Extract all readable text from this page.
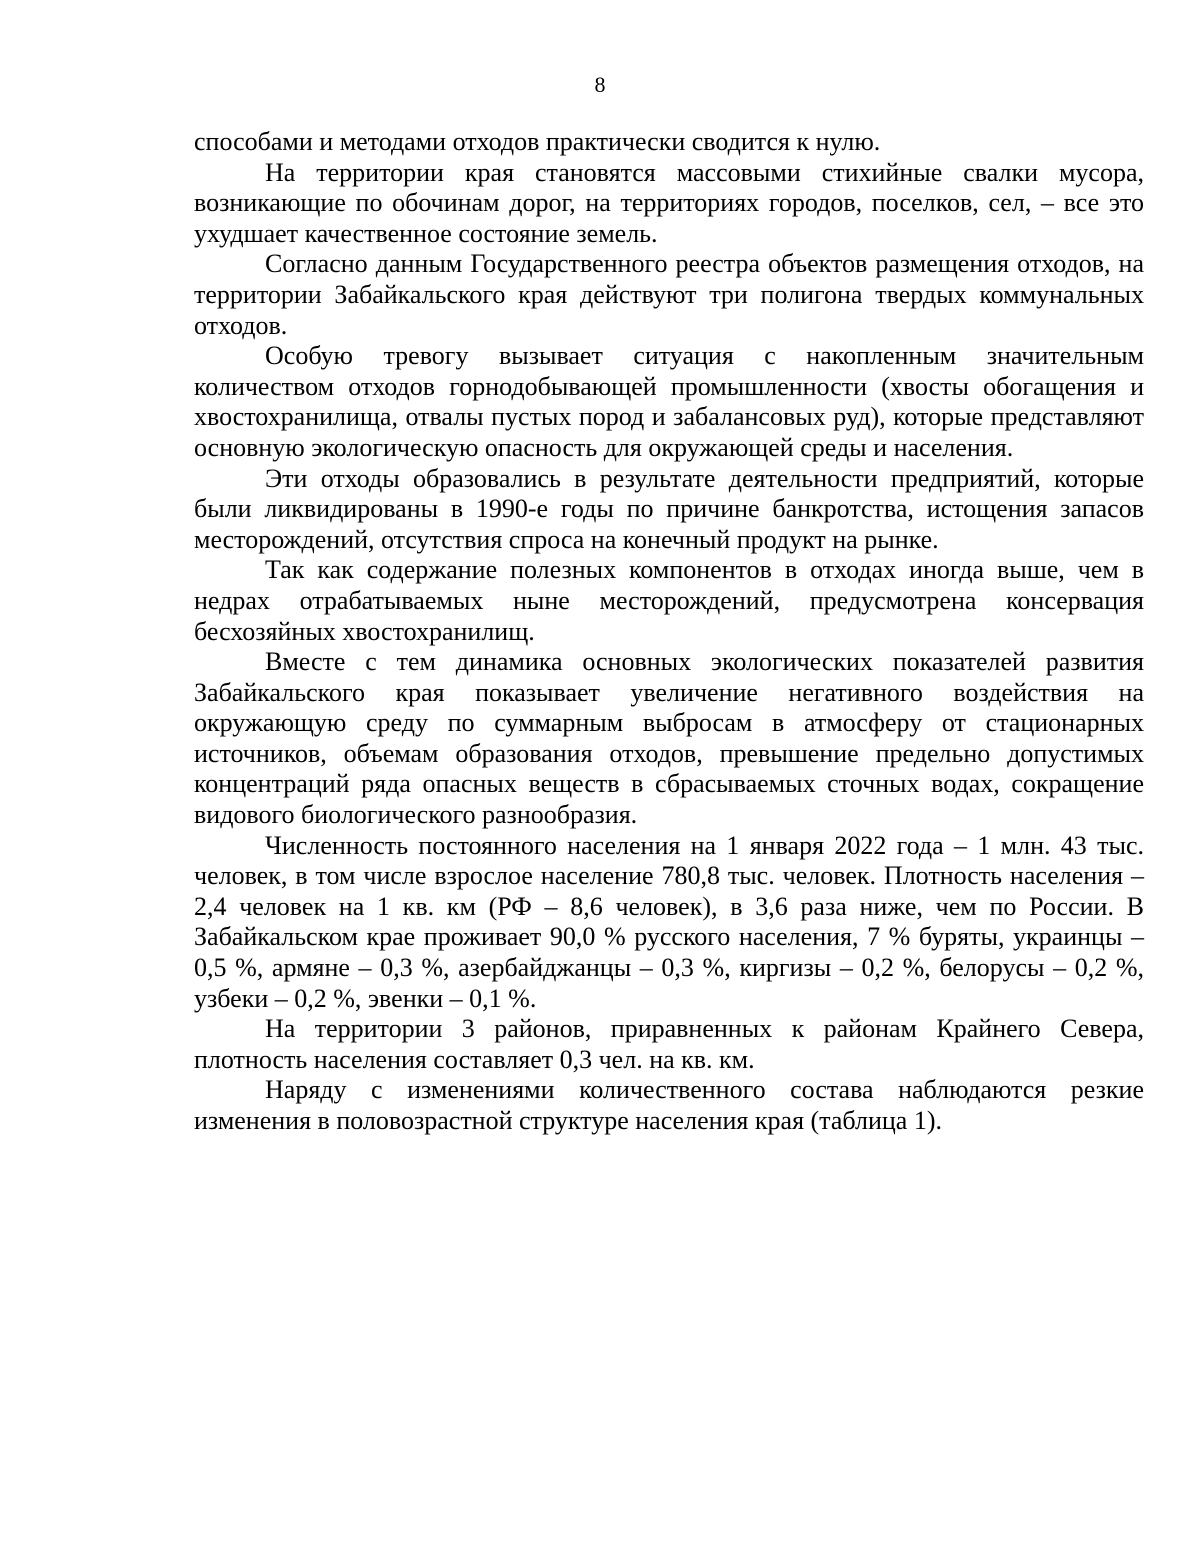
8

способами и методами отходов практически сводится к нулю.

На территории края становятся массовыми стихийные свалки мусора, возникающие по обочинам дорог, на территориях городов, поселков, сел, – все это ухудшает качественное состояние земель.

Согласно данным Государственного реестра объектов размещения отходов, на территории Забайкальского края действуют три полигона твердых коммунальных отходов.

Особую тревогу вызывает ситуация с накопленным значительным количеством отходов горнодобывающей промышленности (хвосты обогащения и хвостохранилища, отвалы пустых пород и забалансовых руд), которые представляют основную экологическую опасность для окружающей среды и населения.

Эти отходы образовались в результате деятельности предприятий, которые были ликвидированы в 1990-е годы по причине банкротства, истощения запасов месторождений, отсутствия спроса на конечный продукт на рынке.

Так как содержание полезных компонентов в отходах иногда выше, чем в недрах отрабатываемых ныне месторождений, предусмотрена консервация бесхозяйных хвостохранилищ.

Вместе с тем динамика основных экологических показателей развития Забайкальского края показывает увеличение негативного воздействия на окружающую среду по суммарным выбросам в атмосферу от стационарных источников, объемам образования отходов, превышение предельно допустимых концентраций ряда опасных веществ в сбрасываемых сточных водах, сокращение видового биологического разнообразия.

Численность постоянного населения на 1 января 2022 года – 1 млн. 43 тыс. человек, в том числе взрослое население 780,8 тыс. человек. Плотность населения – 2,4 человек на 1 кв. км (РФ – 8,6 человек), в 3,6 раза ниже, чем по России. В Забайкальском крае проживает 90,0 % русского населения, 7 % буряты, украинцы – 0,5 %, армяне – 0,3 %, азербайджанцы – 0,3 %, киргизы – 0,2 %, белорусы – 0,2 %, узбеки – 0,2 %, эвенки – 0,1 %.

На территории 3 районов, приравненных к районам Крайнего Севера, плотность населения составляет 0,3 чел. на кв. км.

Наряду с изменениями количественного состава наблюдаются резкие изменения в половозрастной структуре населения края (таблица 1).
